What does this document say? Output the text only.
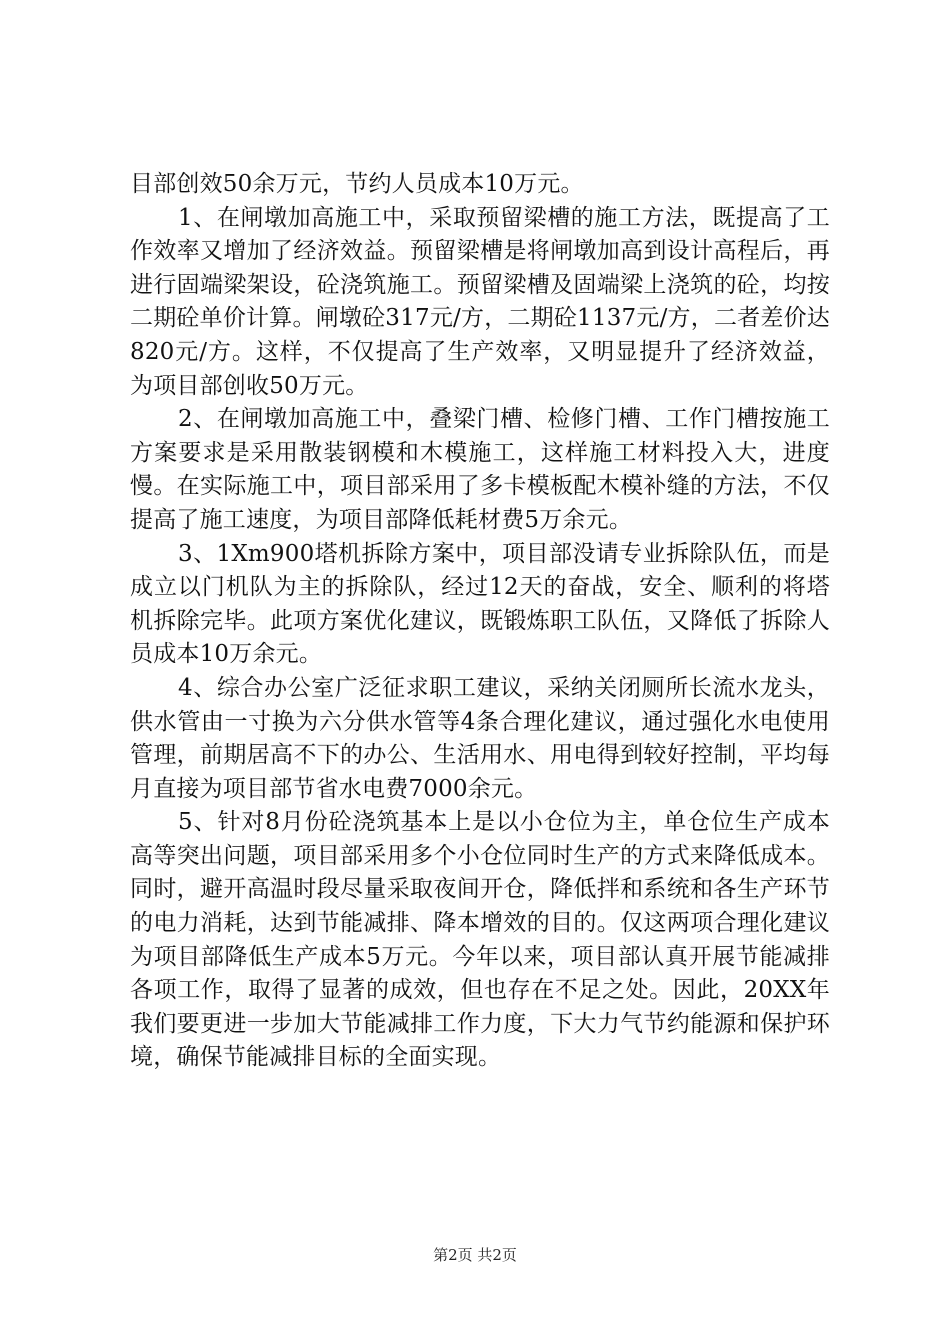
目部创效50余万元，节约人员成本10万元。

1、在闸墩加高施工中，采取预留梁槽的施工方法，既提高了工作效率又增加了经济效益。预留梁槽是将闸墩加高到设计高程后，再进行固端梁架设，砼浇筑施工。预留梁槽及固端梁上浇筑的砼，均按二期砼单价计算。闸墩砼317元/方，二期砼1137元/方，二者差价达820元/方。这样，不仅提高了生产效率，又明显提升了经济效益，为项目部创收50万元。

2、在闸墩加高施工中，叠梁门槽、检修门槽、工作门槽按施工方案要求是采用散装钢模和木模施工，这样施工材料投入大，进度慢。在实际施工中，项目部采用了多卡模板配木模补缝的方法，不仅提高了施工速度，为项目部降低耗材费5万余元。

3、1Xm900塔机拆除方案中，项目部没请专业拆除队伍，而是成立以门机队为主的拆除队，经过12天的奋战，安全、顺利的将塔机拆除完毕。此项方案优化建议，既锻炼职工队伍，又降低了拆除人员成本10万余元。

4、综合办公室广泛征求职工建议，采纳关闭厕所长流水龙头，供水管由一寸换为六分供水管等4条合理化建议，通过强化水电使用管理，前期居高不下的办公、生活用水、用电得到较好控制，平均每月直接为项目部节省水电费7000余元。

5、针对8月份砼浇筑基本上是以小仓位为主，单仓位生产成本高等突出问题，项目部采用多个小仓位同时生产的方式来降低成本。同时，避开高温时段尽量采取夜间开仓，降低拌和系统和各生产环节的电力消耗，达到节能减排、降本增效的目的。仅这两项合理化建议为项目部降低生产成本5万元。今年以来，项目部认真开展节能减排各项工作，取得了显著的成效，但也存在不足之处。因此，20XX年我们要更进一步加大节能减排工作力度，下大力气节约能源和保护环境，确保节能减排目标的全面实现。

第2页 共2页
